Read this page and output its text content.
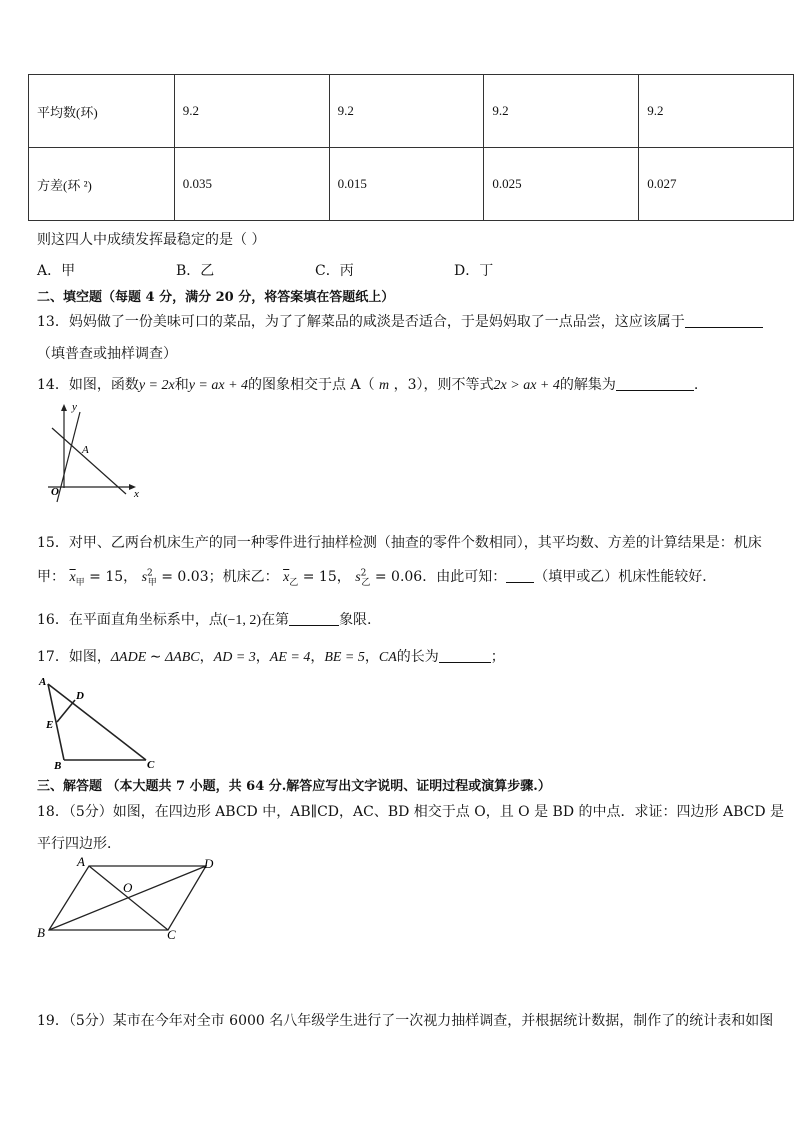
平均数(环)	9.2	9.2	9.2	9.2
方差(环 ²)	0.035	0.015	0.025	0.027
则这四人中成绩发挥最稳定的是（ ）
A．甲	B．乙	C．丙	D．丁
二、填空题（每题 4 分，满分 20 分，将答案填在答题纸上）
13．妈妈做了一份美味可口的菜品，为了了解菜品的咸淡是否适合，于是妈妈取了一点品尝，这应该属于
（填普查或抽样调查）
14．如图，函数y = 2x和y = ax + 4的图象相交于点 A（ m ，3），则不等式2x > ax + 4的解集为	.
y
x
O
A
15．对甲、乙两台机床生产的同一种零件进行抽样检测（抽查的零件个数相同），其平均数、方差的计算结果是：机床
甲： $\overline{x}_甲 = 15$， $s^2_甲 = 0.03$；机床乙： $\overline{x}_乙 = 15$， $s^2_乙 = 0.06$．由此可知： （填甲或乙）机床性能较好．
16．在平面直角坐标系中，点(−1, 2)在第	象限.
17．如图，ΔADE ∼ ΔABC，AD = 3，AE = 4，BE = 5，CA的长为	；
A
D
E
B	C
三、解答题 （本大题共 7 小题，共 64 分.解答应写出文字说明、证明过程或演算步骤.）
18．（5分）如图，在四边形 ABCD 中，AB∥CD，AC、BD 相交于点 O，且 O 是 BD 的中点．求证：四边形 ABCD 是
平行四边形．
A	D
O
B	C
19．（5分）某市在今年对全市 6000 名八年级学生进行了一次视力抽样调查，并根据统计数据，制作了的统计表和如图
